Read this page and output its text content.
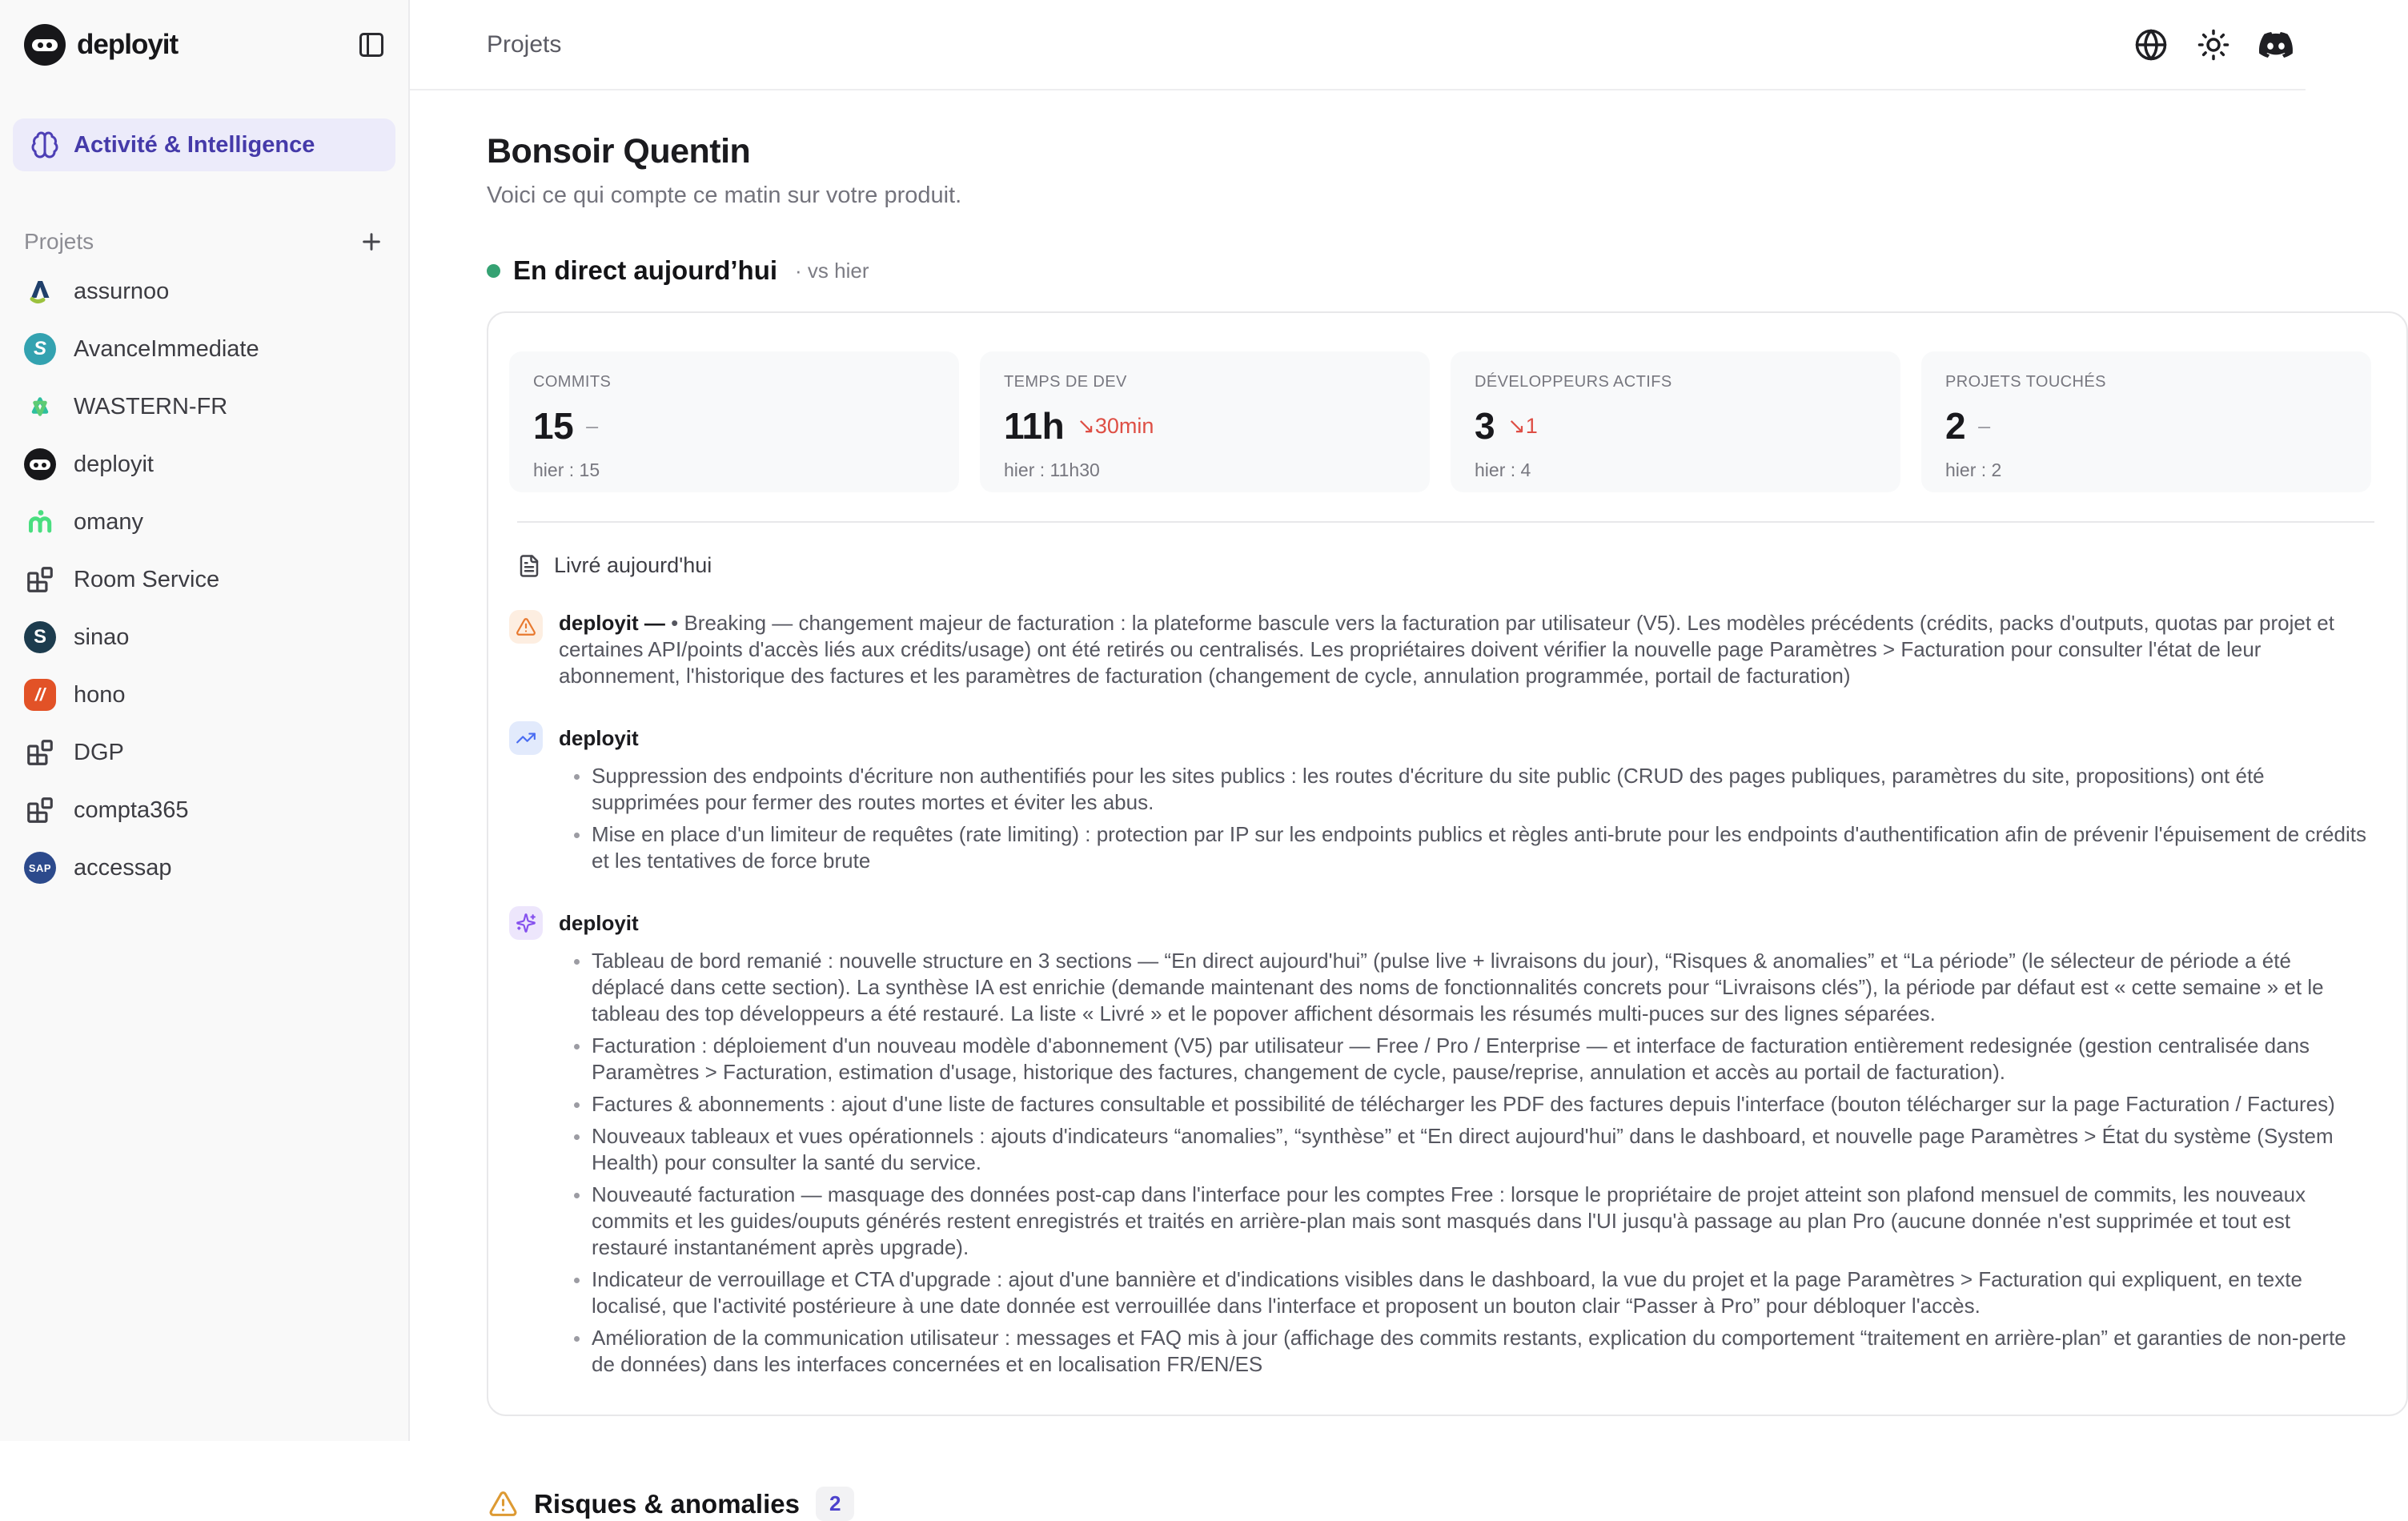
deployit
Activité & Intelligence
Projets
assurnoo
S	AvanceImmediate
WASTERN-FR
deployit
omany
Room Service
S	sinao
//	hono
DGP
compta365
SAP accessap
Projets
Bonsoir Quentin

Voici ce qui compte ce matin sur votre produit.

En direct aujourd’hui · vs hier
COMMITS
15 –
hier : 15
TEMPS DE DEV
11h ↘30min
hier : 11h30
DÉVELOPPEURS ACTIFS
3 ↘1
hier : 4
PROJETS TOUCHÉS
2 –
hier : 2
Livré aujourd'hui

deployit — • Breaking — changement majeur de facturation : la plateforme bascule vers la facturation par utilisateur (V5). Les modèles précédents (crédits, packs d'outputs, quotas par projet et certaines API/points d'accès liés aux crédits/usage) ont été retirés ou centralisés. Les propriétaires doivent vérifier la nouvelle page Paramètres > Facturation pour consulter l'état de leur abonnement, l'historique des factures et les paramètres de facturation (changement de cycle, annulation programmée, portail de facturation)

deployit

Suppression des endpoints d'écriture non authentifiés pour les sites publics : les routes d'écriture du site public (CRUD des pages publiques, paramètres du site, propositions) ont été supprimées pour fermer des routes mortes et éviter les abus.

Mise en place d'un limiteur de requêtes (rate limiting) : protection par IP sur les endpoints publics et règles anti-brute pour les endpoints d'authentification afin de prévenir l'épuisement de crédits et les tentatives de force brute

deployit

Tableau de bord remanié : nouvelle structure en 3 sections — “En direct aujourd'hui” (pulse live + livraisons du jour), “Risques & anomalies” et “La période” (le sélecteur de période a été déplacé dans cette section). La synthèse IA est enrichie (demande maintenant des noms de fonctionnalités concrets pour “Livraisons clés”), la période par défaut est « cette semaine » et le tableau des top développeurs a été restauré. La liste « Livré » et le popover affichent désormais les résumés multi-puces sur des lignes séparées.

Facturation : déploiement d'un nouveau modèle d'abonnement (V5) par utilisateur — Free / Pro / Enterprise — et interface de facturation entièrement redesignée (gestion centralisée dans Paramètres > Facturation, estimation d'usage, historique des factures, changement de cycle, pause/reprise, annulation et accès au portail de facturation).

Factures & abonnements : ajout d'une liste de factures consultable et possibilité de télécharger les PDF des factures depuis l'interface (bouton télécharger sur la page Facturation / Factures)

Nouveaux tableaux et vues opérationnels : ajouts d'indicateurs “anomalies”, “synthèse” et “En direct aujourd'hui” dans le dashboard, et nouvelle page Paramètres > État du système (System Health) pour consulter la santé du service.

Nouveauté facturation — masquage des données post-cap dans l'interface pour les comptes Free : lorsque le propriétaire de projet atteint son plafond mensuel de commits, les nouveaux commits et les guides/ouputs générés restent enregistrés et traités en arrière-plan mais sont masqués dans l'UI jusqu'à passage au plan Pro (aucune donnée n'est supprimée et tout est restauré instantanément après upgrade).

Indicateur de verrouillage et CTA d'upgrade : ajout d'une bannière et d'indications visibles dans le dashboard, la vue du projet et la page Paramètres > Facturation qui expliquent, en texte localisé, que l'activité postérieure à une date donnée est verrouillée dans l'interface et proposent un bouton clair “Passer à Pro” pour débloquer l'accès.

Amélioration de la communication utilisateur : messages et FAQ mis à jour (affichage des commits restants, explication du comportement “traitement en arrière-plan” et garanties de non-perte de données) dans les interfaces concernées et en localisation FR/EN/ES

Risques & anomalies	2
